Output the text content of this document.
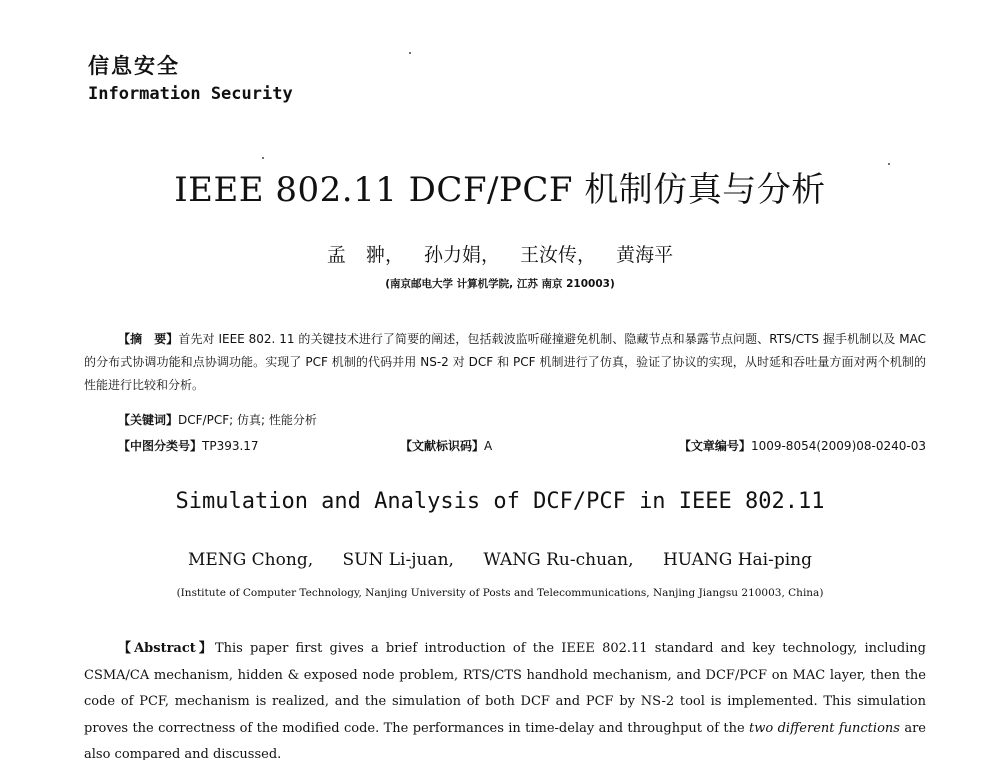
信息安全
Information Security
IEEE 802.11 DCF/PCF 机制仿真与分析
孟 翀， 孙力娟， 王汝传， 黄海平
(南京邮电大学 计算机学院, 江苏 南京 210003)

【摘　要】首先对 IEEE 802. 11 的关键技术进行了简要的阐述，包括载波监听碰撞避免机制、隐藏节点和暴露节点问题、RTS/CTS 握手机制以及 MAC 的分布式协调功能和点协调功能。实现了 PCF 机制的代码并用 NS-2 对 DCF 和 PCF 机制进行了仿真，验证了协议的实现，从时延和吞吐量方面对两个机制的性能进行比较和分析。

【关键词】DCF/PCF; 仿真; 性能分析
【中图分类号】TP393.17	【文献标识码】A	【文章编号】1009-8054(2009)08-0240-03
Simulation and Analysis of DCF/PCF in IEEE 802.11
MENG Chong, SUN Li-juan, WANG Ru-chuan, HUANG Hai-ping
(Institute of Computer Technology, Nanjing University of Posts and Telecommunications, Nanjing Jiangsu 210003, China)

【Abstract】This paper first gives a brief introduction of the IEEE 802.11 standard and key technology, including CSMA/CA mechanism, hidden & exposed node problem, RTS/CTS handhold mechanism, and DCF/PCF on MAC layer, then the code of PCF, mechanism is realized, and the simulation of both DCF and PCF by NS-2 tool is implemented. This simulation proves the correctness of the modified code. The performances in time-delay and throughput of the two different functions are also compared and discussed.
